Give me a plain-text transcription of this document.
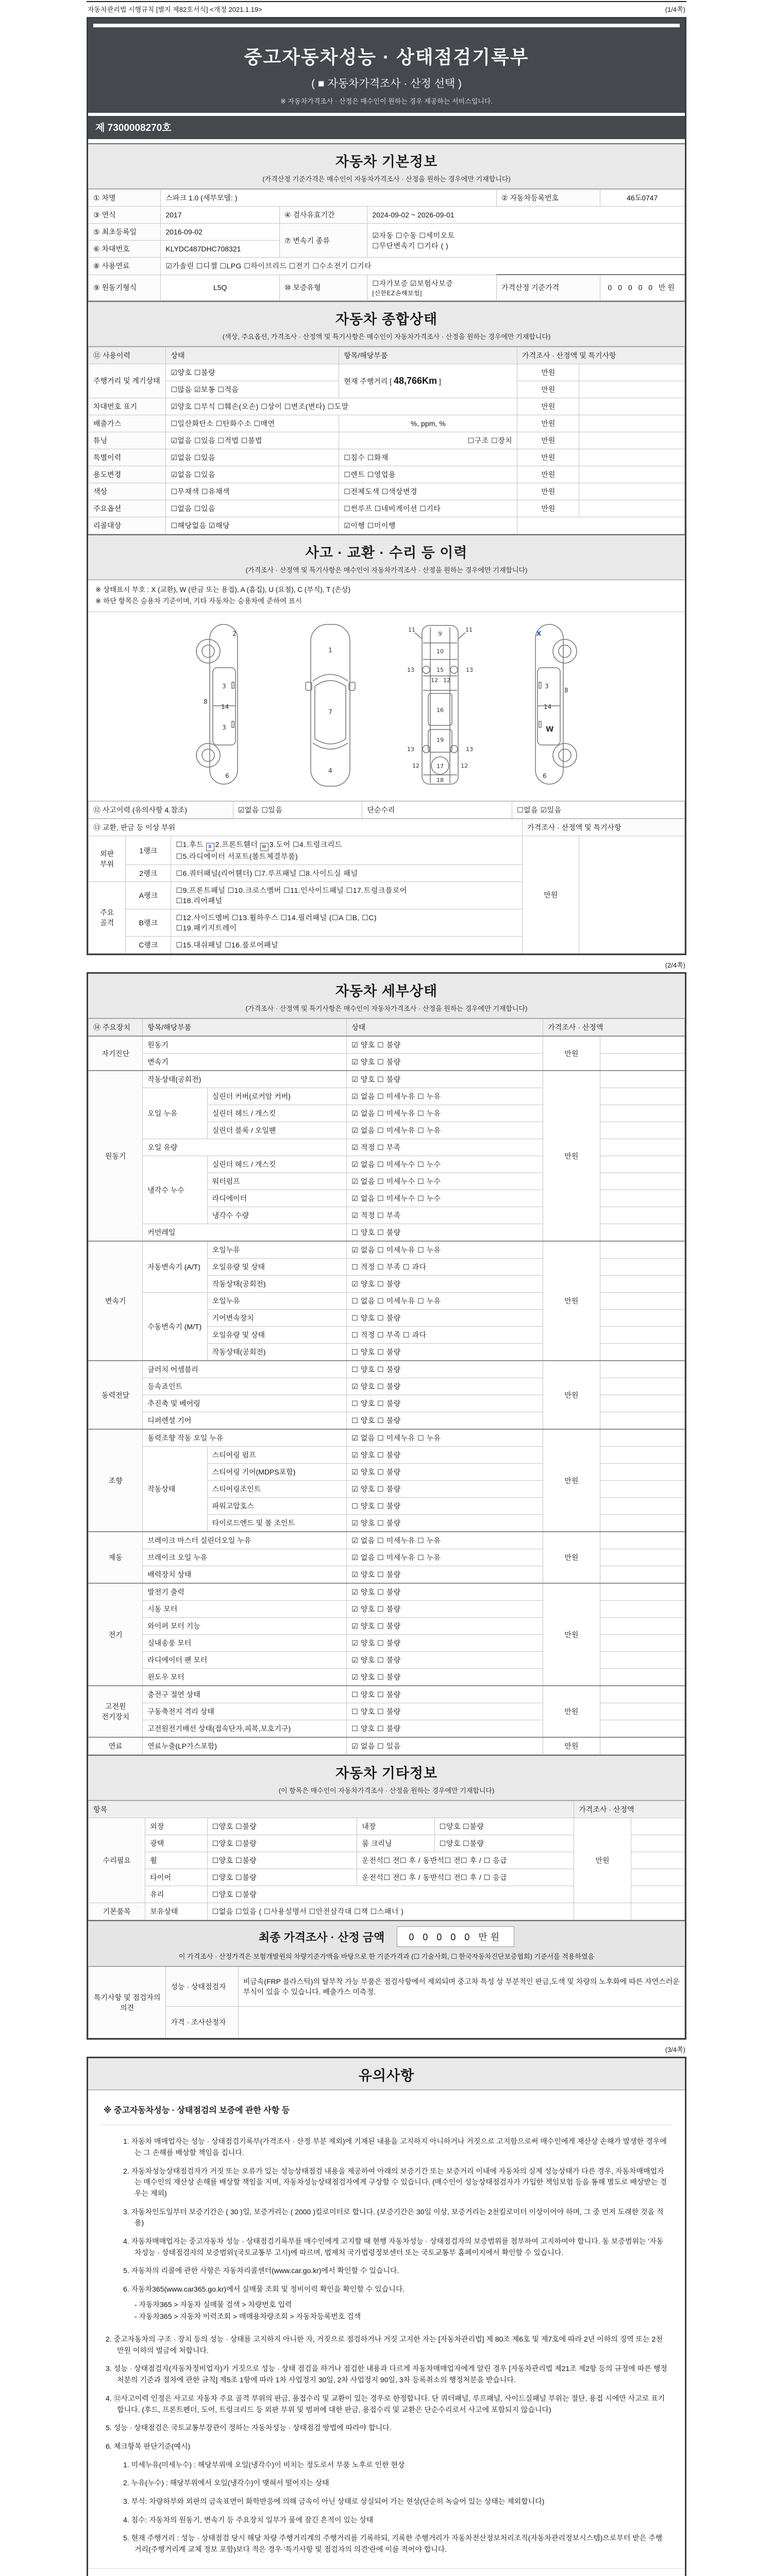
자동차관리법 시행규칙 [별지 제82호서식] <개정 2021.1.19>	(1/4쪽)
중고자동차성능 · 상태점검기록부
( ■ 자동차가격조사 · 산정 선택 )
※ 자동차가격조사 · 산정은 매수인이 원하는 경우 제공하는 서비스입니다.
제 7300008270호
자동차 기본정보
(가격산정 기준가격은 매수인이 자동차가격조사 · 산정을 원하는 경우에만 기재합니다)
① 차명	스파크 1.0 (세부모델: )			② 자동차등록번호	46도0747
③ 연식	2017	④ 검사유효기간	2024-09-02 ~ 2026-09-01		
⑤ 최초등록일	2016-09-02	⑦ 변속기 종류	☑자동 ☐수동 ☐세미오토
☐무단변속기 ☐기타 ( )		

⑥ 차대번호	KLYDC487DHC708321				
⑧ 사용연료	☑가솔린 ☐디젤 ☐LPG ☐하이브리드 ☐전기 ☐수소전기 ☐기타				
⑨ 원동기형식	L5Q	⑩ 보증유형	☐자가보증 ☑보험사보증 [신한EZ손해보험]	가격산정 기준가격	0 0 0 0 0 만원
자동차 종합상태
(색상, 주요옵션, 가격조사 · 산정액 및 특기사항은 매수인이 자동차가격조사 · 산정을 원하는 경우에만 기재합니다)
⑪ 사용이력	상태	항목/해당부품	가격조사 · 산정액 및 특기사항	
주행거리 및 계기상태	☑양호 ☐불량	현재 주행거리 [ 48,766Km ]	만원	
	☐많음 ☑보통 ☐적음		만원	
차대번호 표기	☑양호 ☐부식 ☐훼손(오손) ☐상이 ☐변조(변타) ☐도말		만원	
배출가스	☐일산화탄소 ☐탄화수소 ☐매연	%, ppm, %	만원	
튜닝	☑없음 ☐있음 ☐적법 ☐불법	☐구조 ☐장치	만원	
특별이력	☑없음 ☐있음	☐침수 ☐화재	만원	
용도변경	☑없음 ☐있음	☐렌트 ☐영업용	만원	
색상	☐무채색 ☐유채색	☐전체도색 ☐색상변경	만원	
주요옵션	☐없음 ☐있음	☐썬루프 ☐네비게이션 ☐기타	만원	
리콜대상	☐해당없음 ☑해당	☑이행 ☐미이행		
사고 · 교환 · 수리 등 이력
(가격조사 · 산정액 및 특기사항은 매수인이 자동차가격조사 · 산정을 원하는 경우에만 기재합니다)
※ 상태표시 부호 : X (교환), W (판금 또는 용접), A (흠집), U (요철), C (부식), T (손상)
※ 하단 항목은 승용차 기준이며, 기타 자동차는 승용차에 준하여 표시
2
8
3
14
3
6
1
7
4
11	11
13	13
12 12
9
10
15
16
19
17
13	13
12	12
18
X
3
8
14
W
6
⑫ 사고이력 (유의사항 4.참조)	☑없음 ☐있음	단순수리	☐없음 ☑있음
⑬ 교환, 판금 등 이상 부위			가격조사 · 산정액 및 특기사항	
외판 부위	1랭크	☐1.후드 x 2.프론트휀더 w 3.도어 ☐4.트렁크리드
☐5.라디에이터 서포트(볼트체결부품)	만원	
	2랭크	☐6.쿼터패널(리어휀더) ☐7.루프패널 ☐8.사이드실 패널		
주요 골격	A랭크	☐9.프론트패널 ☐10.크로스멤버 ☐11.인사이드패널 ☐17.트렁크플로어
☐18.리어패널		

	B랭크	☐12.사이드멤버 ☐13.휠하우스 ☐14.필러패널 (☐A ☐B, ☐C)
☐19.패키지트레이		

	C랭크	☐15.대쉬패널 ☐16.플로어패널		
(2/4쪽)
자동차 세부상태
(가격조사 · 산정액 및 특기사항은 매수인이 자동차가격조사 · 산정을 원하는 경우에만 기재합니다)
⑭ 주요장치	항목/해당부품		상태	가격조사 · 산정액	
자기진단	원동기		☑ 양호 ☐ 불량	만원	
	변속기		☑ 양호 ☐ 불량		
원동기	작동상태(공회전)		☑ 양호 ☐ 불량	만원	
	오일 누유	실린더 커버(로커암 커버)	☑ 없음 ☐ 미세누유 ☐ 누유		
		실린더 헤드 / 개스킷	☑ 없음 ☐ 미세누유 ☐ 누유		
		실린더 블록 / 오일팬	☑ 없음 ☐ 미세누유 ☐ 누유		
	오일 유량		☑ 적정 ☐ 부족		
	냉각수 누수	실린더 헤드 / 개스킷	☑ 없음 ☐ 미세누수 ☐ 누수		
		워터펌프	☑ 없음 ☐ 미세누수 ☐ 누수		
		라디에이터	☑ 없음 ☐ 미세누수 ☐ 누수		
		냉각수 수량	☑ 적정 ☐ 부족		
	커먼레일		☐ 양호 ☐ 불량		
변속기	자동변속기 (A/T)	오일누유	☑ 없음 ☐ 미세누유 ☐ 누유	만원	
		오일유량 및 상태	☐ 적정 ☐ 부족 ☐ 과다		
		작동상태(공회전)	☑ 양호 ☐ 불량		
	수동변속기 (M/T)	오일누유	☐ 없음 ☐ 미세누유 ☐ 누유		
		기어변속장치	☐ 양호 ☐ 불량		
		오일유량 및 상태	☐ 적정 ☐ 부족 ☐ 과다		
		작동상태(공회전)	☐ 양호 ☐ 불량		
동력전달	클러치 어셈블리		☐ 양호 ☐ 불량	만원	
	등속죠인트		☑ 양호 ☐ 불량		
	추진축 및 베어링		☐ 양호 ☐ 불량		
	디퍼렌셜 기어		☐ 양호 ☐ 불량		
조향	동력조향 작동 오일 누유		☑ 없음 ☐ 미세누유 ☐ 누유	만원	
	작동상태	스티어링 펌프	☑ 양호 ☐ 불량		
		스티어링 기어(MDPS포함)	☑ 양호 ☐ 불량		
		스티어링조인트	☑ 양호 ☐ 불량		
		파워고압호스	☐ 양호 ☐ 불량		
		타이로드엔드 및 볼 조인트	☑ 양호 ☐ 불량		
제동	브레이크 마스터 실린더오일 누유		☑ 없음 ☐ 미세누유 ☐ 누유	만원	
	브레이크 오일 누유		☑ 없음 ☐ 미세누유 ☐ 누유		
	배력장치 상태		☑ 양호 ☐ 불량		
전기	발전기 출력		☑ 양호 ☐ 불량	만원	
	시동 모터		☑ 양호 ☐ 불량		
	와이퍼 모터 기능		☑ 양호 ☐ 불량		
	실내송풍 모터		☑ 양호 ☐ 불량		
	라디에이터 팬 모터		☑ 양호 ☐ 불량		
	윈도우 모터		☑ 양호 ☐ 불량		
고전원 전기장치	충전구 절연 상태		☐ 양호 ☐ 불량	만원	
	구동축전지 격리 상태		☐ 양호 ☐ 불량		
	고전원전기배선 상태(접속단자,피복,보호기구)		☐ 양호 ☐ 불량		
연료	연료누출(LP가스포함)		☑ 없음 ☐ 있음	만원	
자동차 기타정보
(이 항목은 매수인이 자동차가격조사 · 산정을 원하는 경우에만 기재합니다)
항목					가격조사 · 산정액	
수리필요	외장	☐양호 ☐불량	내장	☐양호 ☐불량	만원	
	광택	☐양호 ☐불량	룸 크리닝	☐양호 ☐불량		
	휠	☐양호 ☐불량	운전석☐ 전☐ 후 / 동반석☐ 전☐ 후 / ☐ 응급			
	타이어	☐양호 ☐불량	운전석☐ 전☐ 후 / 동반석☐ 전☐ 후 / ☐ 응급			
	유리	☐양호 ☐불량				
기본품목	보유상태	☐없음 ☐있음 ( ☐사용설명서 ☐안전삼각대 ☐잭 ☐스패너 )				
최종 가격조사 · 산정 금액	0 0 0 0 0 만원
이 가격조사 · 산정가격은 보험개발원의 차량기준가액을 바탕으로 한 기준가격과 (☐ 기술사회, ☐ 한국자동차진단보증협회) 기준서를 적용하였음
특기사항 및 점검자의 의견	성능 · 상태점검자	비금속(FRP 플라스틱)의 탈부착 가능 부품은 점검사항에서 제외되며 중고차 특성 상 부분적인 판금,도색 및 차량의 노후화에 따른 자연스러운 부식이 있을 수 있습니다. 배출가스 미측정.
	가격 · 조사산정자	
(3/4쪽)
유의사항
※ 중고자동차성능 · 상태점검의 보증에 관한 사항 등
1. 자동차 매매업자는 성능 · 상태점검기록부(가격조사 · 산정 부분 제외)에 기재된 내용을 고지하지 아니하거나 거짓으로 고지함으로써 매수인에게 재산상 손해가 발생한 경우에는 그 손해를 배상할 책임을 집니다.
2. 자동차성능상태점검자가 거짓 또는 오류가 있는 성능상태점검 내용을 제공하여 아래의 보증기간 또는 보증거리 이내에 자동차의 실제 성능상태가 다른 경우, 자동차매매업자는 매수인의 재산상 손해를 배상할 책임을 지며, 자동차성능상태점검자에게 구상할 수 있습니다. (매수인이 성능상태점검자가 가입한 책임보험 등을 통해 별도로 배상받는 경우는 제외)
3. 자동차인도일부터 보증기간은 ( 30 )일, 보증거리는 ( 2000 )킬로미터로 합니다. (보증기간은 30일 이상, 보증거리는 2천킬로미터 이상이어야 하며, 그 중 먼저 도래한 것을 적용)
4. 자동차매매업자는 중고자동차 성능 · 상태점검기록부를 매수인에게 고지할 때 현행 자동차성능 · 상태점검자의 보증범위를 첨부하여 고지하여야 합니다. 동 보증범위는 '자동차성능 · 상태점검자의 보증범위'(국토교통부 고시)에 따르며, 법제처 국가법령정보센터 또는 국토교통부 홈페이지에서 확인할 수 있습니다.
5. 자동차의 리콜에 관한 사항은 자동차리콜센터(www.car.go.kr)에서 확인할 수 있습니다.
6. 자동차365(www.car365.go.kr)에서 실매물 조회 및 정비이력 확인을 확인할 수 있습니다.
- 자동차365 > 자동차 실매물 검색 > 차량번호 입력
- 자동차365 > 자동차 이력조회 > 매매용차량조회 > 자동차등록번호 검색
2. 중고자동차의 구조 · 장치 등의 성능 · 상태를 고지하지 아니한 자, 거짓으로 점검하거나 거짓 고지한 자는 [자동차관리법] 제 80조 제6호 및 제7호에 따라 2년 이하의 징역 또는 2천만원 이하의 벌금에 처합니다.
3. 성능 · 상태점검자(자동차정비업자)가 거짓으로 성능 · 상태 점검을 하거나 점검한 내용과 다르게 자동차매매업자에게 알린 경우 [자동차관리법 제21조 제2항 등의 규정에 따른 행정처분의 기준과 절차에 관한 규칙] 제5조 1항에 따라 1차 사업정지 30일, 2차 사업정지 90일, 3차 등록취소의 행정처분을 받습니다.
4. ⑫사고이력 인정은 사고로 자동차 주요 골격 부위의 판금, 용접수리 및 교환이 있는 경우로 한정합니다. 단 쿼터패널, 루프패널, 사이드실패널 부위는 절단, 용접 시에만 사고로 표기합니다. (후드, 프론트펜더, 도어, 트렁크리드 등 외판 부위 및 범퍼에 대한 판금, 용접수리 및 교환은 단순수리로서 사고에 포함되지 않습니다)
5. 성능 · 상태점검은 국토교통부장관이 정하는 자동차성능 · 상태점검 방법에 따라야 합니다.
6. 체크항목 판단기준(예시)
1. 미세누유(미세누수) : 해당부위에 오일(냉각수)이 비치는 정도로서 부품 노후로 인한 현상
2. 누유(누수) : 해당부위에서 오일(냉각수)이 맺혀서 떨어지는 상태
3. 부식: 차량하부와 외판의 금속표면이 화학반응에 의해 금속이 아닌 상태로 상실되어 가는 현상(단순히 녹슬어 있는 상태는 제외합니다)
4. 침수: 자동차의 원동기, 변속기 등 주요장치 일부가 물에 잠긴 흔적이 있는 상태
5. 현재 주행거리 : 성능 · 상태점검 당시 해당 차량 주행거리계의 주행거리를 기록하되, 기록한 주행거리가 자동차전산정보처리조직(자동차관리정보시스템)으로부터 받은 주행거리(주행거리계 교체 정보 포함)보다 적은 경우 '특기사항 및 점검자의 의견'란에 이를 적어야 합니다.
